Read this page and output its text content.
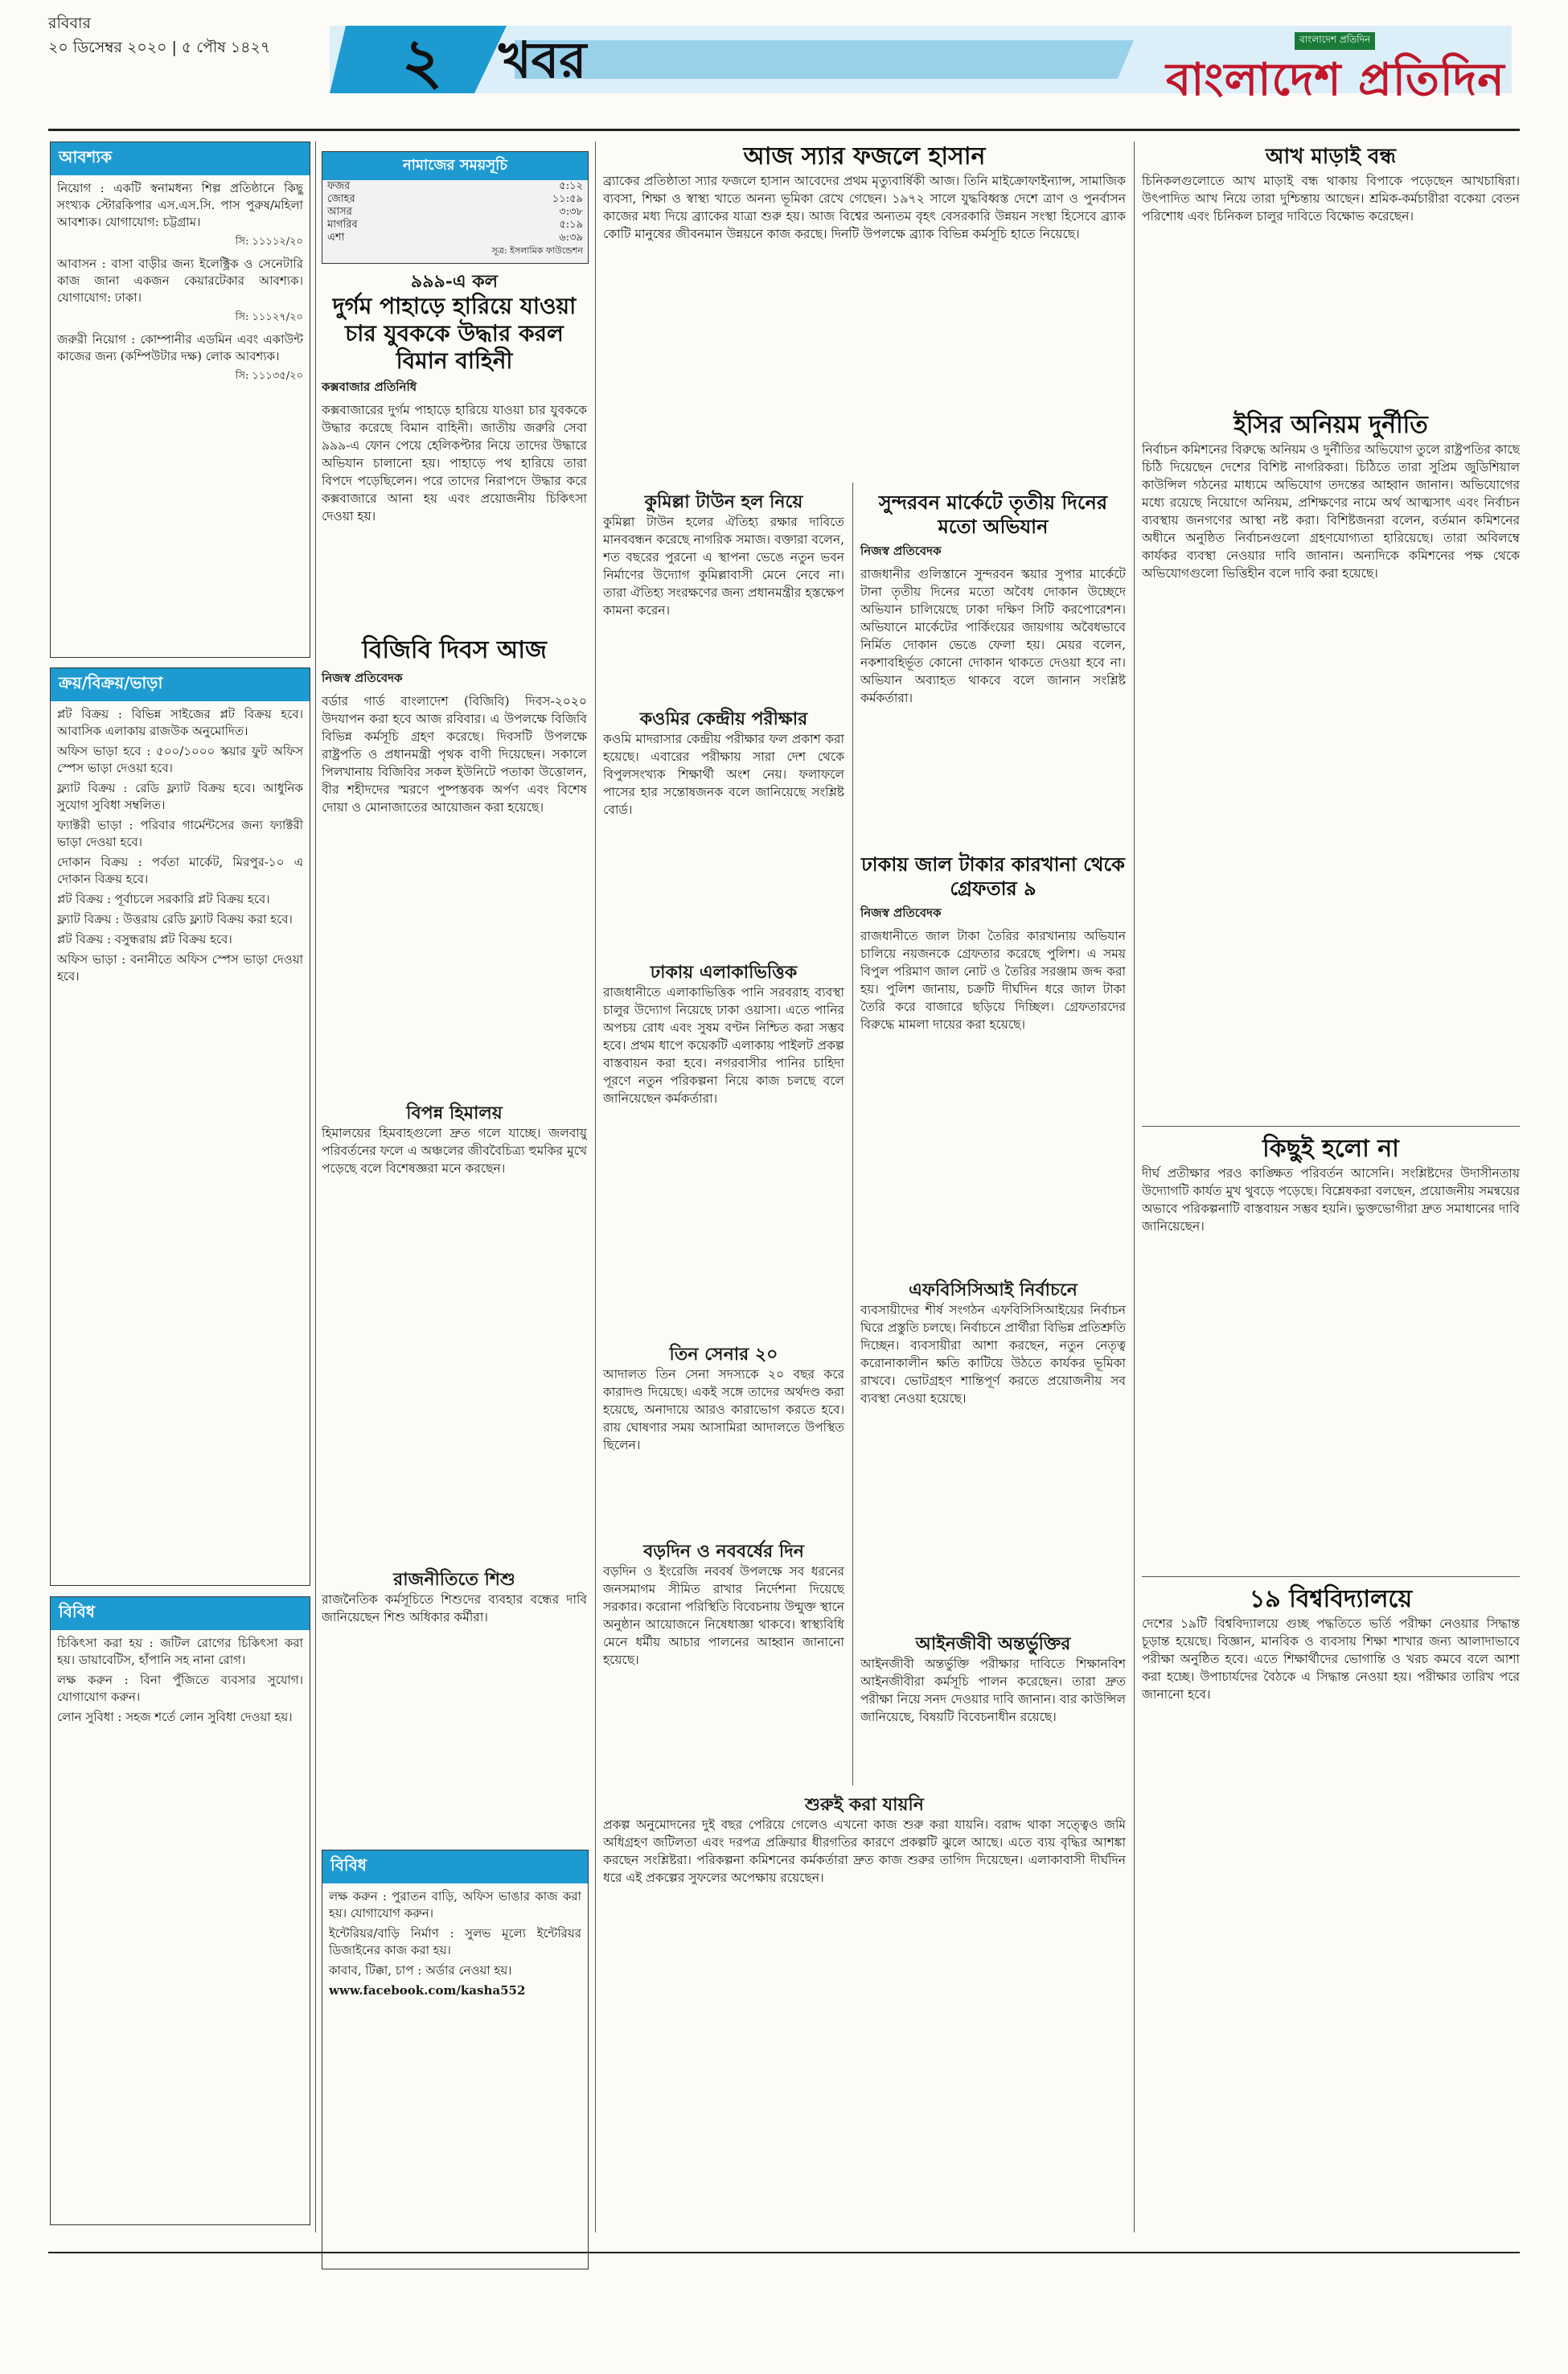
রবিবার
২০ ডিসেম্বর ২০২০ | ৫ পৌষ ১৪২৭	২	খবর	বাংলাদেশ প্রতিদিন
বাংলাদেশ প্রতিদিন
আবশ্যক

নিয়োগ : একটি স্বনামধন্য শিল্প প্রতিষ্ঠানে কিছু সংখ্যক স্টোরকিপার এস.এস.সি. পাস পুরুষ/মহিলা আবশ্যক। যোগাযোগ: চট্টগ্রাম।

সি: ১১১১২/২০

আবাসন : বাসা বাড়ীর জন্য ইলেক্ট্রিক ও সেনেটারি কাজ জানা একজন কেয়ারটেকার আবশ্যক। যোগাযোগ: ঢাকা।

সি: ১১১২৭/২০

জরুরী নিয়োগ : কোম্পানীর এডমিন এবং একাউন্ট কাজের জন্য (কম্পিউটার দক্ষ) লোক আবশ্যক।

সি: ১১১৩৫/২০
ক্রয়/বিক্রয়/ভাড়া

প্লট বিক্রয় : বিভিন্ন সাইজের প্লট বিক্রয় হবে। আবাসিক এলাকায় রাজউক অনুমোদিত।

অফিস ভাড়া হবে : ৫০০/১০০০ স্কয়ার ফুট অফিস স্পেস ভাড়া দেওয়া হবে।

ফ্ল্যাট বিক্রয় : রেডি ফ্ল্যাট বিক্রয় হবে। আধুনিক সুযোগ সুবিধা সম্বলিত।

ফ্যাক্টরী ভাড়া : পরিবার গার্মেন্টসের জন্য ফ্যাক্টরী ভাড়া দেওয়া হবে।

দোকান বিক্রয় : পর্বতা মার্কেট, মিরপুর-১০ এ দোকান বিক্রয় হবে।

প্লট বিক্রয় : পূর্বাচলে সরকারি প্লট বিক্রয় হবে।

ফ্ল্যাট বিক্রয় : উত্তরায় রেডি ফ্ল্যাট বিক্রয় করা হবে।

প্লট বিক্রয় : বসুন্ধরায় প্লট বিক্রয় হবে।

অফিস ভাড়া : বনানীতে অফিস স্পেস ভাড়া দেওয়া হবে।

বিবিধ

চিকিৎসা করা হয় : জটিল রোগের চিকিৎসা করা হয়। ডায়াবেটিস, হাঁপানি সহ নানা রোগ।

লক্ষ করুন : বিনা পুঁজিতে ব্যবসার সুযোগ। যোগাযোগ করুন।

লোন সুবিধা : সহজ শর্তে লোন সুবিধা দেওয়া হয়।

নামাজের সময়সূচি
ফজর	৫:১২
জোহর	১১:৫৯
আসর	৩:৩৮
মাগরিব	৫:১৯
এশা	৬:৩৯
সূত্র: ইসলামিক ফাউন্ডেশন
৯৯৯-এ কল
দুর্গম পাহাড়ে হারিয়ে যাওয়া চার যুবককে উদ্ধার করল বিমান বাহিনী
কক্সবাজার প্রতিনিধি
কক্সবাজারের দুর্গম পাহাড়ে হারিয়ে যাওয়া চার যুবককে উদ্ধার করেছে বিমান বাহিনী। জাতীয় জরুরি সেবা ৯৯৯-এ ফোন পেয়ে হেলিকপ্টার নিয়ে তাদের উদ্ধারে অভিযান চালানো হয়। পাহাড়ে পথ হারিয়ে তারা বিপদে পড়েছিলেন। পরে তাদের নিরাপদে উদ্ধার করে কক্সবাজারে আনা হয় এবং প্রয়োজনীয় চিকিৎসা দেওয়া হয়।
বিজিবি দিবস আজ
নিজস্ব প্রতিবেদক
বর্ডার গার্ড বাংলাদেশ (বিজিবি) দিবস-২০২০ উদযাপন করা হবে আজ রবিবার। এ উপলক্ষে বিজিবি বিভিন্ন কর্মসূচি গ্রহণ করেছে। দিবসটি উপলক্ষে রাষ্ট্রপতি ও প্রধানমন্ত্রী পৃথক বাণী দিয়েছেন। সকালে পিলখানায় বিজিবির সকল ইউনিটে পতাকা উত্তোলন, বীর শহীদদের স্মরণে পুষ্পস্তবক অর্পণ এবং বিশেষ দোয়া ও মোনাজাতের আয়োজন করা হয়েছে।
বিপন্ন হিমালয়
হিমালয়ের হিমবাহগুলো দ্রুত গলে যাচ্ছে। জলবায়ু পরিবর্তনের ফলে এ অঞ্চলের জীববৈচিত্র্য হুমকির মুখে পড়েছে বলে বিশেষজ্ঞরা মনে করছেন।
রাজনীতিতে শিশু
রাজনৈতিক কর্মসূচিতে শিশুদের ব্যবহার বন্ধের দাবি জানিয়েছেন শিশু অধিকার কর্মীরা।
বিবিধ

লক্ষ করুন : পুরাতন বাড়ি, অফিস ভাঙার কাজ করা হয়। যোগাযোগ করুন।

ইন্টেরিয়র/বাড়ি নির্মাণ : সুলভ মূল্যে ইন্টেরিয়র ডিজাইনের কাজ করা হয়।

কাবাব, টিক্কা, চাপ : অর্ডার নেওয়া হয়।

www.facebook.com/kasha552

আজ স্যার ফজলে হাসান
ব্র্যাকের প্রতিষ্ঠাতা স্যার ফজলে হাসান আবেদের প্রথম মৃত্যুবার্ষিকী আজ। তিনি মাইক্রোফাইন্যান্স, সামাজিক ব্যবসা, শিক্ষা ও স্বাস্থ্য খাতে অনন্য ভূমিকা রেখে গেছেন। ১৯৭২ সালে যুদ্ধবিধ্বস্ত দেশে ত্রাণ ও পুনর্বাসন কাজের মধ্য দিয়ে ব্র্যাকের যাত্রা শুরু হয়। আজ বিশ্বের অন্যতম বৃহৎ বেসরকারি উন্নয়ন সংস্থা হিসেবে ব্র্যাক কোটি মানুষের জীবনমান উন্নয়নে কাজ করছে। দিনটি উপলক্ষে ব্র্যাক বিভিন্ন কর্মসূচি হাতে নিয়েছে।
কুমিল্লা টাউন হল নিয়ে
কুমিল্লা টাউন হলের ঐতিহ্য রক্ষার দাবিতে মানববন্ধন করেছে নাগরিক সমাজ। বক্তারা বলেন, শত বছরের পুরনো এ স্থাপনা ভেঙে নতুন ভবন নির্মাণের উদ্যোগ কুমিল্লাবাসী মেনে নেবে না। তারা ঐতিহ্য সংরক্ষণের জন্য প্রধানমন্ত্রীর হস্তক্ষেপ কামনা করেন।
কওমির কেন্দ্রীয় পরীক্ষার
কওমি মাদরাসার কেন্দ্রীয় পরীক্ষার ফল প্রকাশ করা হয়েছে। এবারের পরীক্ষায় সারা দেশ থেকে বিপুলসংখ্যক শিক্ষার্থী অংশ নেয়। ফলাফলে পাসের হার সন্তোষজনক বলে জানিয়েছে সংশ্লিষ্ট বোর্ড।
ঢাকায় এলাকাভিত্তিক
রাজধানীতে এলাকাভিত্তিক পানি সরবরাহ ব্যবস্থা চালুর উদ্যোগ নিয়েছে ঢাকা ওয়াসা। এতে পানির অপচয় রোধ এবং সুষম বণ্টন নিশ্চিত করা সম্ভব হবে। প্রথম ধাপে কয়েকটি এলাকায় পাইলট প্রকল্প বাস্তবায়ন করা হবে। নগরবাসীর পানির চাহিদা পূরণে নতুন পরিকল্পনা নিয়ে কাজ চলছে বলে জানিয়েছেন কর্মকর্তারা।
তিন সেনার ২০
আদালত তিন সেনা সদস্যকে ২০ বছর করে কারাদণ্ড দিয়েছে। একই সঙ্গে তাদের অর্থদণ্ড করা হয়েছে, অনাদায়ে আরও কারাভোগ করতে হবে। রায় ঘোষণার সময় আসামিরা আদালতে উপস্থিত ছিলেন।
বড়দিন ও নববর্ষের দিন
বড়দিন ও ইংরেজি নববর্ষ উপলক্ষে সব ধরনের জনসমাগম সীমিত রাখার নির্দেশনা দিয়েছে সরকার। করোনা পরিস্থিতি বিবেচনায় উন্মুক্ত স্থানে অনুষ্ঠান আয়োজনে নিষেধাজ্ঞা থাকবে। স্বাস্থ্যবিধি মেনে ধর্মীয় আচার পালনের আহ্বান জানানো হয়েছে।
শুরুই করা যায়নি
প্রকল্প অনুমোদনের দুই বছর পেরিয়ে গেলেও এখনো কাজ শুরু করা যায়নি। বরাদ্দ থাকা সত্ত্বেও জমি অধিগ্রহণ জটিলতা এবং দরপত্র প্রক্রিয়ার ধীরগতির কারণে প্রকল্পটি ঝুলে আছে। এতে ব্যয় বৃদ্ধির আশঙ্কা করছেন সংশ্লিষ্টরা। পরিকল্পনা কমিশনের কর্মকর্তারা দ্রুত কাজ শুরুর তাগিদ দিয়েছেন। এলাকাবাসী দীর্ঘদিন ধরে এই প্রকল্পের সুফলের অপেক্ষায় রয়েছেন।
সুন্দরবন মার্কেটে তৃতীয় দিনের মতো অভিযান
নিজস্ব প্রতিবেদক
রাজধানীর গুলিস্তানে সুন্দরবন স্কয়ার সুপার মার্কেটে টানা তৃতীয় দিনের মতো অবৈধ দোকান উচ্ছেদে অভিযান চালিয়েছে ঢাকা দক্ষিণ সিটি করপোরেশন। অভিযানে মার্কেটের পার্কিংয়ের জায়গায় অবৈধভাবে নির্মিত দোকান ভেঙে ফেলা হয়। মেয়র বলেন, নকশাবহির্ভূত কোনো দোকান থাকতে দেওয়া হবে না। অভিযান অব্যাহত থাকবে বলে জানান সংশ্লিষ্ট কর্মকর্তারা।
ঢাকায় জাল টাকার কারখানা থেকে গ্রেফতার ৯
নিজস্ব প্রতিবেদক
রাজধানীতে জাল টাকা তৈরির কারখানায় অভিযান চালিয়ে নয়জনকে গ্রেফতার করেছে পুলিশ। এ সময় বিপুল পরিমাণ জাল নোট ও তৈরির সরঞ্জাম জব্দ করা হয়। পুলিশ জানায়, চক্রটি দীর্ঘদিন ধরে জাল টাকা তৈরি করে বাজারে ছড়িয়ে দিচ্ছিল। গ্রেফতারদের বিরুদ্ধে মামলা দায়ের করা হয়েছে।
এফবিসিসিআই নির্বাচনে
ব্যবসায়ীদের শীর্ষ সংগঠন এফবিসিসিআইয়ের নির্বাচন ঘিরে প্রস্তুতি চলছে। নির্বাচনে প্রার্থীরা বিভিন্ন প্রতিশ্রুতি দিচ্ছেন। ব্যবসায়ীরা আশা করছেন, নতুন নেতৃত্ব করোনাকালীন ক্ষতি কাটিয়ে উঠতে কার্যকর ভূমিকা রাখবে। ভোটগ্রহণ শান্তিপূর্ণ করতে প্রয়োজনীয় সব ব্যবস্থা নেওয়া হয়েছে।
আইনজীবী অন্তর্ভুক্তির
আইনজীবী অন্তর্ভুক্তি পরীক্ষার দাবিতে শিক্ষানবিশ আইনজীবীরা কর্মসূচি পালন করেছেন। তারা দ্রুত পরীক্ষা নিয়ে সনদ দেওয়ার দাবি জানান। বার কাউন্সিল জানিয়েছে, বিষয়টি বিবেচনাধীন রয়েছে।
আখ মাড়াই বন্ধ
চিনিকলগুলোতে আখ মাড়াই বন্ধ থাকায় বিপাকে পড়েছেন আখচাষিরা। উৎপাদিত আখ নিয়ে তারা দুশ্চিন্তায় আছেন। শ্রমিক-কর্মচারীরা বকেয়া বেতন পরিশোধ এবং চিনিকল চালুর দাবিতে বিক্ষোভ করেছেন।
ইসির অনিয়ম দুর্নীতি
নির্বাচন কমিশনের বিরুদ্ধে অনিয়ম ও দুর্নীতির অভিযোগ তুলে রাষ্ট্রপতির কাছে চিঠি দিয়েছেন দেশের বিশিষ্ট নাগরিকরা। চিঠিতে তারা সুপ্রিম জুডিশিয়াল কাউন্সিল গঠনের মাধ্যমে অভিযোগ তদন্তের আহ্বান জানান। অভিযোগের মধ্যে রয়েছে নিয়োগে অনিয়ম, প্রশিক্ষণের নামে অর্থ আত্মসাৎ এবং নির্বাচন ব্যবস্থায় জনগণের আস্থা নষ্ট করা। বিশিষ্টজনরা বলেন, বর্তমান কমিশনের অধীনে অনুষ্ঠিত নির্বাচনগুলো গ্রহণযোগ্যতা হারিয়েছে। তারা অবিলম্বে কার্যকর ব্যবস্থা নেওয়ার দাবি জানান। অন্যদিকে কমিশনের পক্ষ থেকে অভিযোগগুলো ভিত্তিহীন বলে দাবি করা হয়েছে।
কিছুই হলো না
দীর্ঘ প্রতীক্ষার পরও কাঙ্ক্ষিত পরিবর্তন আসেনি। সংশ্লিষ্টদের উদাসীনতায় উদ্যোগটি কার্যত মুখ থুবড়ে পড়েছে। বিশ্লেষকরা বলছেন, প্রয়োজনীয় সমন্বয়ের অভাবে পরিকল্পনাটি বাস্তবায়ন সম্ভব হয়নি। ভুক্তভোগীরা দ্রুত সমাধানের দাবি জানিয়েছেন।
১৯ বিশ্ববিদ্যালয়ে
দেশের ১৯টি বিশ্ববিদ্যালয়ে গুচ্ছ পদ্ধতিতে ভর্তি পরীক্ষা নেওয়ার সিদ্ধান্ত চূড়ান্ত হয়েছে। বিজ্ঞান, মানবিক ও ব্যবসায় শিক্ষা শাখার জন্য আলাদাভাবে পরীক্ষা অনুষ্ঠিত হবে। এতে শিক্ষার্থীদের ভোগান্তি ও খরচ কমবে বলে আশা করা হচ্ছে। উপাচার্যদের বৈঠকে এ সিদ্ধান্ত নেওয়া হয়। পরীক্ষার তারিখ পরে জানানো হবে।
